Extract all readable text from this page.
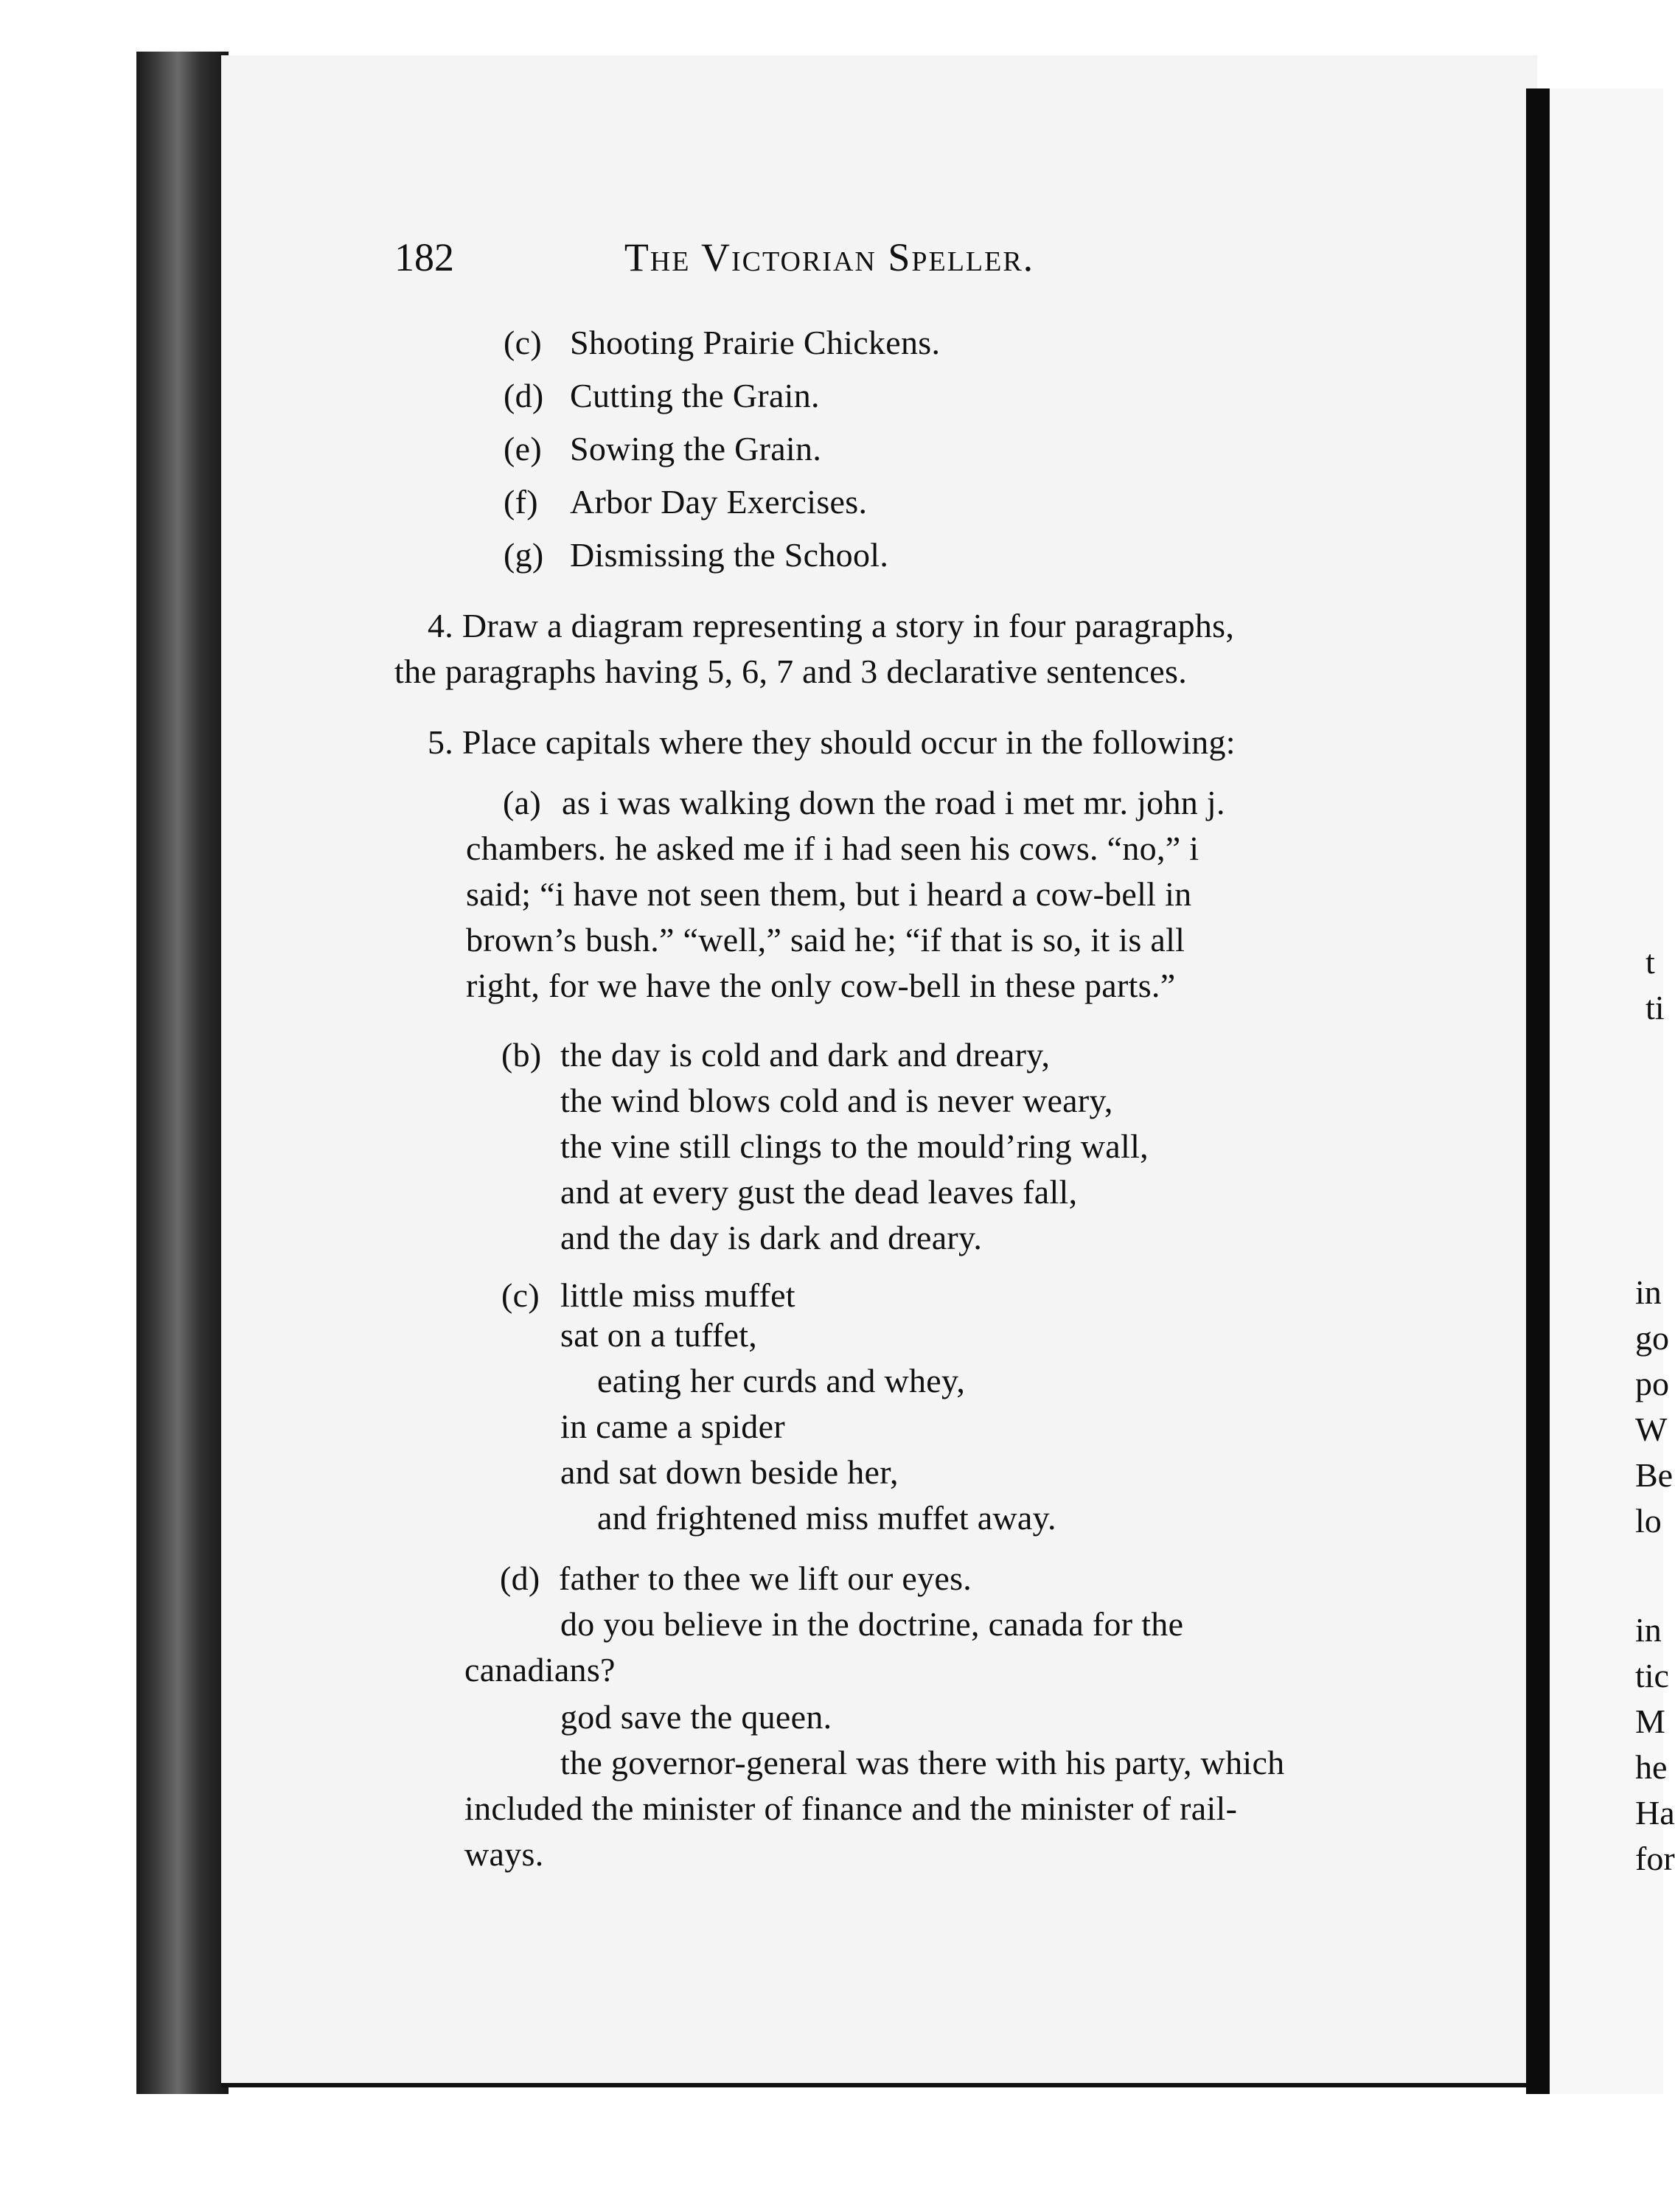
182	The Victorian Speller.
(c) Shooting Prairie Chickens.
(d) Cutting the Grain.
(e) Sowing the Grain.
(f) Arbor Day Exercises.
(g) Dismissing the School.
4. Draw a diagram representing a story in four paragraphs,
the paragraphs having 5, 6, 7 and 3 declarative sentences.
5. Place capitals where they should occur in the following:
(a) as i was walking down the road i met mr. john j.
chambers. he asked me if i had seen his cows. “no,” i
said; “i have not seen them, but i heard a cow-bell in
brown’s bush.” “well,” said he; “if that is so, it is all
right, for we have the only cow-bell in these parts.”
(b) the day is cold and dark and dreary,
the wind blows cold and is never weary,
the vine still clings to the mould’ring wall,
and at every gust the dead leaves fall,
and the day is dark and dreary.
(c) little miss muffet
sat on a tuffet,
eating her curds and whey,
in came a spider
and sat down beside her,
and frightened miss muffet away.
(d) father to thee we lift our eyes.
do you believe in the doctrine, canada for the
canadians?
god save the queen.
the governor-general was there with his party, which
included the minister of finance and the minister of rail-
ways.
t
ti
in
go
po
W
Be
lo
in
tic
M
he
Ha
for
